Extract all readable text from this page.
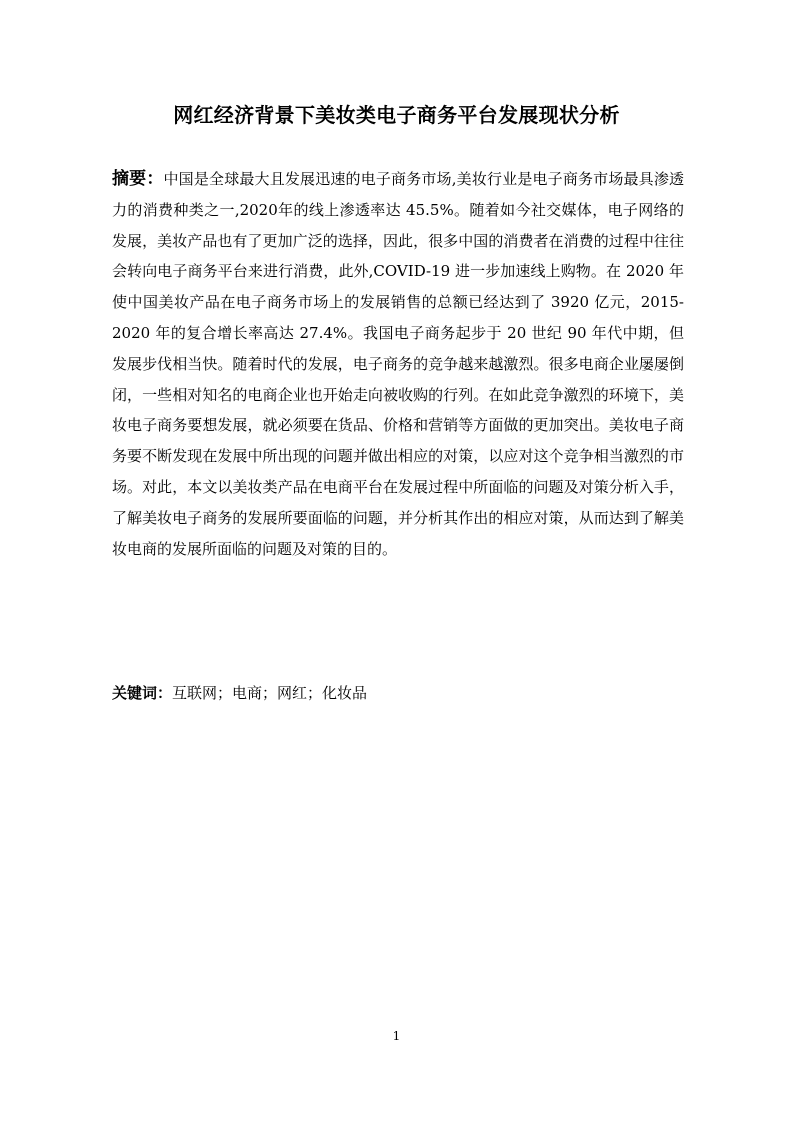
网红经济背景下美妆类电子商务平台发展现状分析
摘要：中国是全球最大且发展迅速的电子商务市场,美妆行业是电子商务市场最具渗透力的消费种类之一,2020年的线上渗透率达 45.5%。随着如今社交媒体，电子网络的发展，美妆产品也有了更加广泛的选择，因此，很多中国的消费者在消费的过程中往往会转向电子商务平台来进行消费，此外,COVID-19 进一步加速线上购物。在 2020 年使中国美妆产品在电子商务市场上的发展销售的总额已经达到了 3920 亿元，2015-2020 年的复合增长率高达 27.4%。我国电子商务起步于 20 世纪 90 年代中期，但发展步伐相当快。随着时代的发展，电子商务的竞争越来越激烈。很多电商企业屡屡倒闭，一些相对知名的电商企业也开始走向被收购的行列。在如此竞争激烈的环境下，美妆电子商务要想发展，就必须要在货品、价格和营销等方面做的更加突出。美妆电子商务要不断发现在发展中所出现的问题并做出相应的对策，以应对这个竞争相当激烈的市场。对此，本文以美妆类产品在电商平台在发展过程中所面临的问题及对策分析入手，了解美妆电子商务的发展所要面临的问题，并分析其作出的相应对策，从而达到了解美妆电商的发展所面临的问题及对策的目的。
关键词：互联网；电商；网红；化妆品
1
